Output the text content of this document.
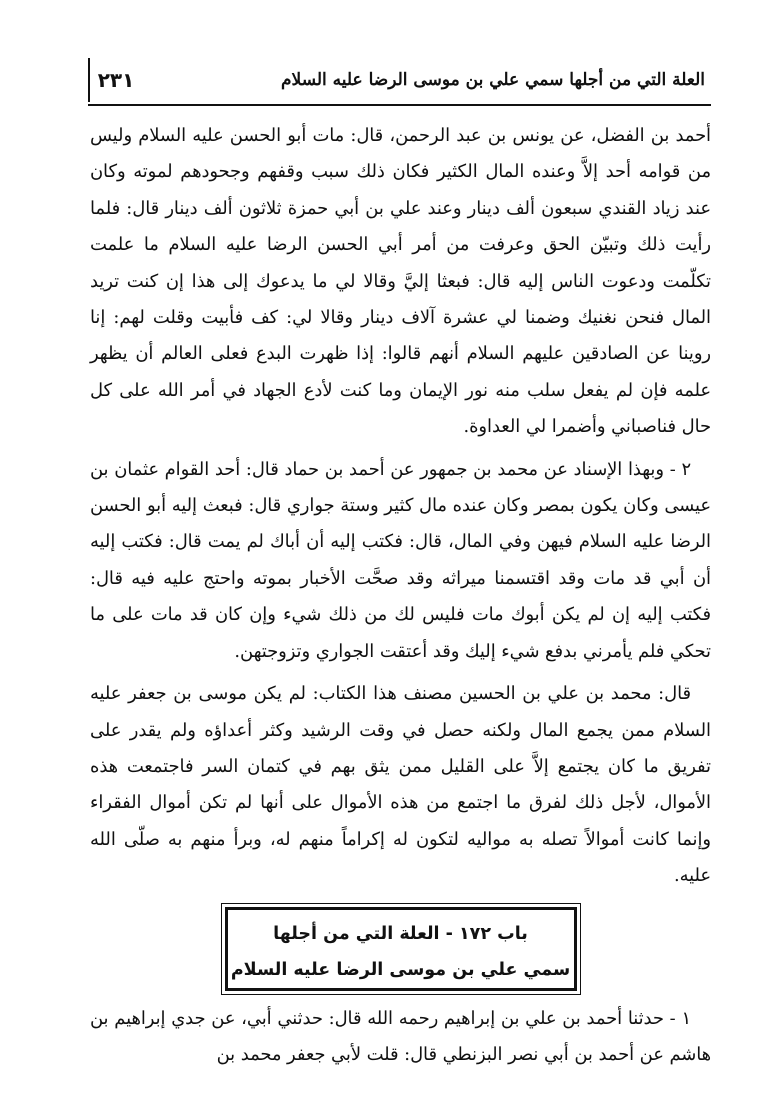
العلة التي من أجلها سمي علي بن موسى الرضا عليه السلام
٢٣١

أحمد بن الفضل، عن يونس بن عبد الرحمن، قال: مات أبو الحسن عليه السلام وليس من قوامه أحد إلاَّ وعنده المال الكثير فكان ذلك سبب وقفهم وجحودهم لموته وكان عند زياد القندي سبعون ألف دينار وعند علي بن أبي حمزة ثلاثون ألف دينار قال: فلما رأيت ذلك وتبيّن الحق وعرفت من أمر أبي الحسن الرضا عليه السلام ما علمت تكلّمت ودعوت الناس إليه قال: فبعثا إليَّ وقالا لي ما يدعوك إلى هذا إن كنت تريد المال فنحن نغنيك وضمنا لي عشرة آلاف دينار وقالا لي: كف فأبيت وقلت لهم: إنا روينا عن الصادقين عليهم السلام أنهم قالوا: إذا ظهرت البدع فعلى العالم أن يظهر علمه فإن لم يفعل سلب منه نور الإيمان وما كنت لأدع الجهاد في أمر الله على كل حال فناصباني وأضمرا لي العداوة.

٢ - وبهذا الإسناد عن محمد بن جمهور عن أحمد بن حماد قال: أحد القوام عثمان بن عيسى وكان يكون بمصر وكان عنده مال كثير وستة جواري قال: فبعث إليه أبو الحسن الرضا عليه السلام فيهن وفي المال، قال: فكتب إليه أن أباك لم يمت قال: فكتب إليه أن أبي قد مات وقد اقتسمنا ميراثه وقد صحَّت الأخبار بموته واحتج عليه فيه قال: فكتب إليه إن لم يكن أبوك مات فليس لك من ذلك شيء وإن كان قد مات على ما تحكي فلم يأمرني بدفع شيء إليك وقد أعتقت الجواري وتزوجتهن.

قال: محمد بن علي بن الحسين مصنف هذا الكتاب: لم يكن موسى بن جعفر عليه السلام ممن يجمع المال ولكنه حصل في وقت الرشيد وكثر أعداؤه ولم يقدر على تفريق ما كان يجتمع إلاَّ على القليل ممن يثق بهم في كتمان السر فاجتمعت هذه الأموال، لأجل ذلك لفرق ما اجتمع من هذه الأموال على أنها لم تكن أموال الفقراء وإنما كانت أموالاً تصله به مواليه لتكون له إكراماً منهم له، وبرأ منهم به صلّى الله عليه.

باب ١٧٢ - العلة التي من أجلها
سمي علي بن موسى الرضا عليه السلام

١ - حدثنا أحمد بن علي بن إبراهيم رحمه الله قال: حدثني أبي، عن جدي إبراهيم بن هاشم عن أحمد بن أبي نصر البزنطي قال: قلت لأبي جعفر محمد بن
